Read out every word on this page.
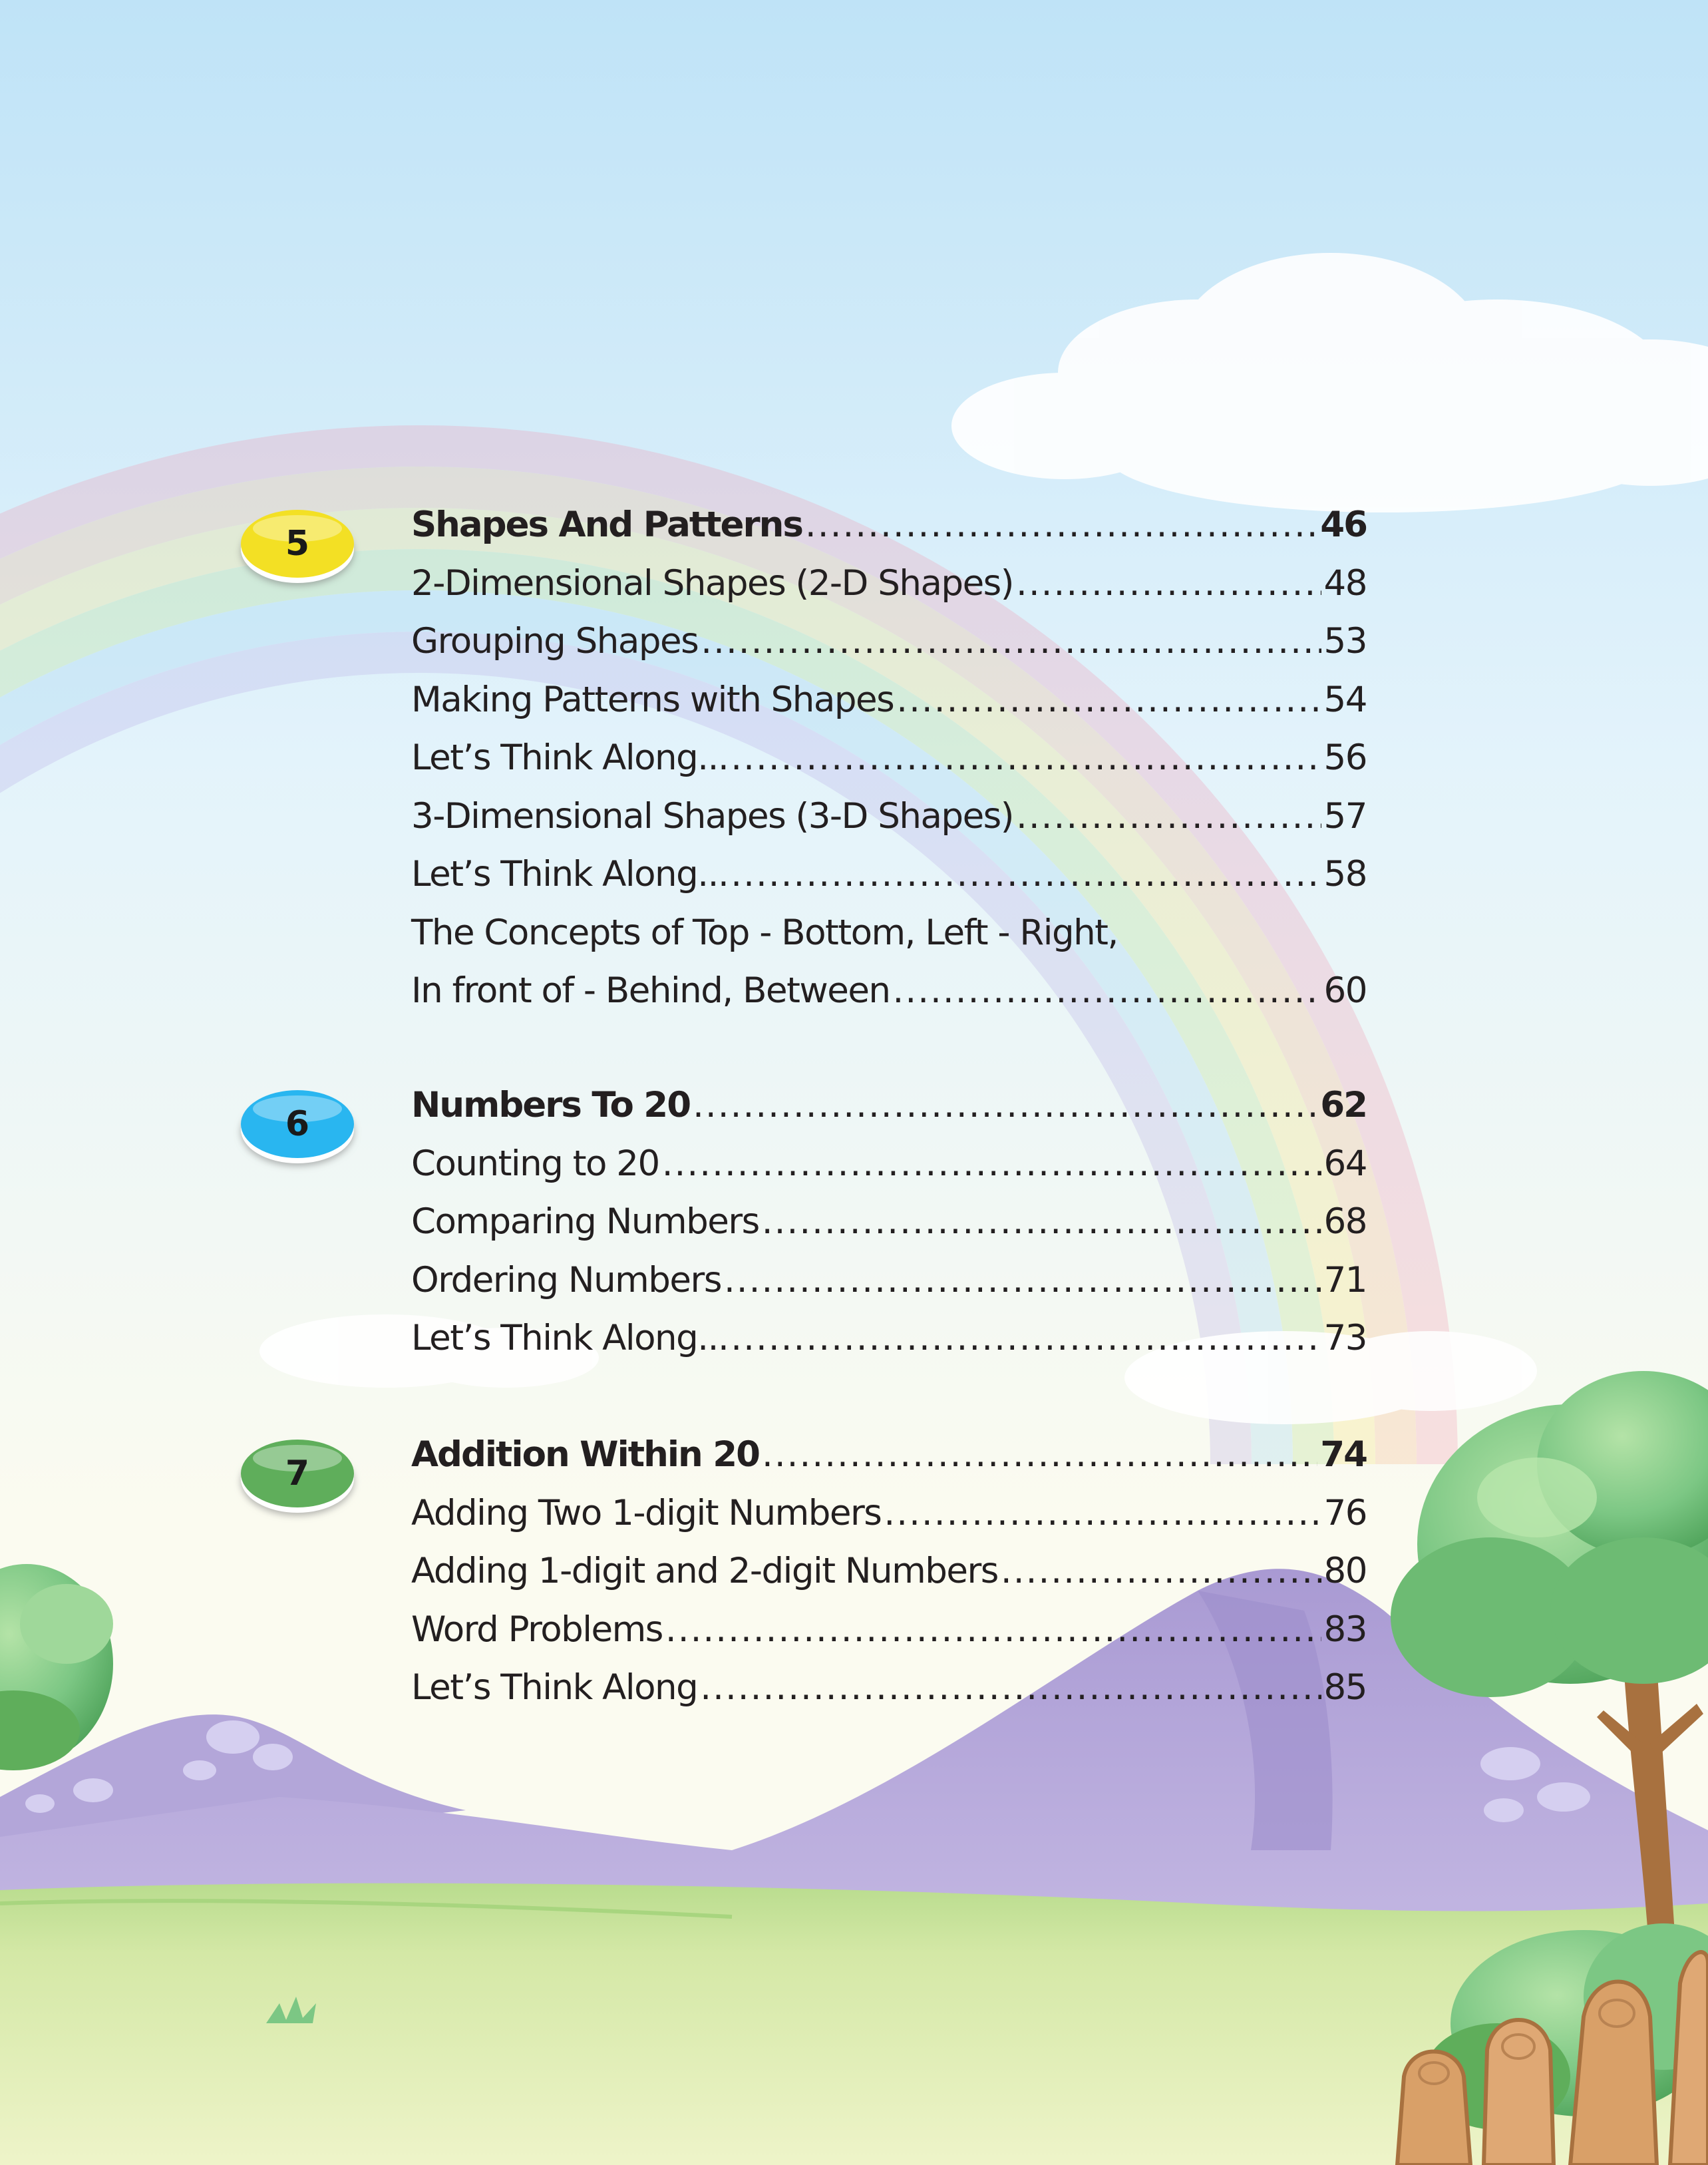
5	Shapes And Patterns .....	46
2-Dimensional Shapes (2-D Shapes) .....	48
Grouping Shapes .....	53
Making Patterns with Shapes .....	54
Let’s Think Along... .....	56
3-Dimensional Shapes (3-D Shapes) .....	57
Let’s Think Along... .....	58
The Concepts of Top - Bottom, Left - Right,
In front of - Behind, Between .....	60
6	Numbers To 20 .....	62
Counting to 20 .....	64
Comparing Numbers .....	68
Ordering Numbers .....	71
Let’s Think Along... .....	73
7	Addition Within 20 .....	74
Adding Two 1-digit Numbers .....	76
Adding 1-digit and 2-digit Numbers .....	80
Word Problems .....	83
Let’s Think Along .....	85
